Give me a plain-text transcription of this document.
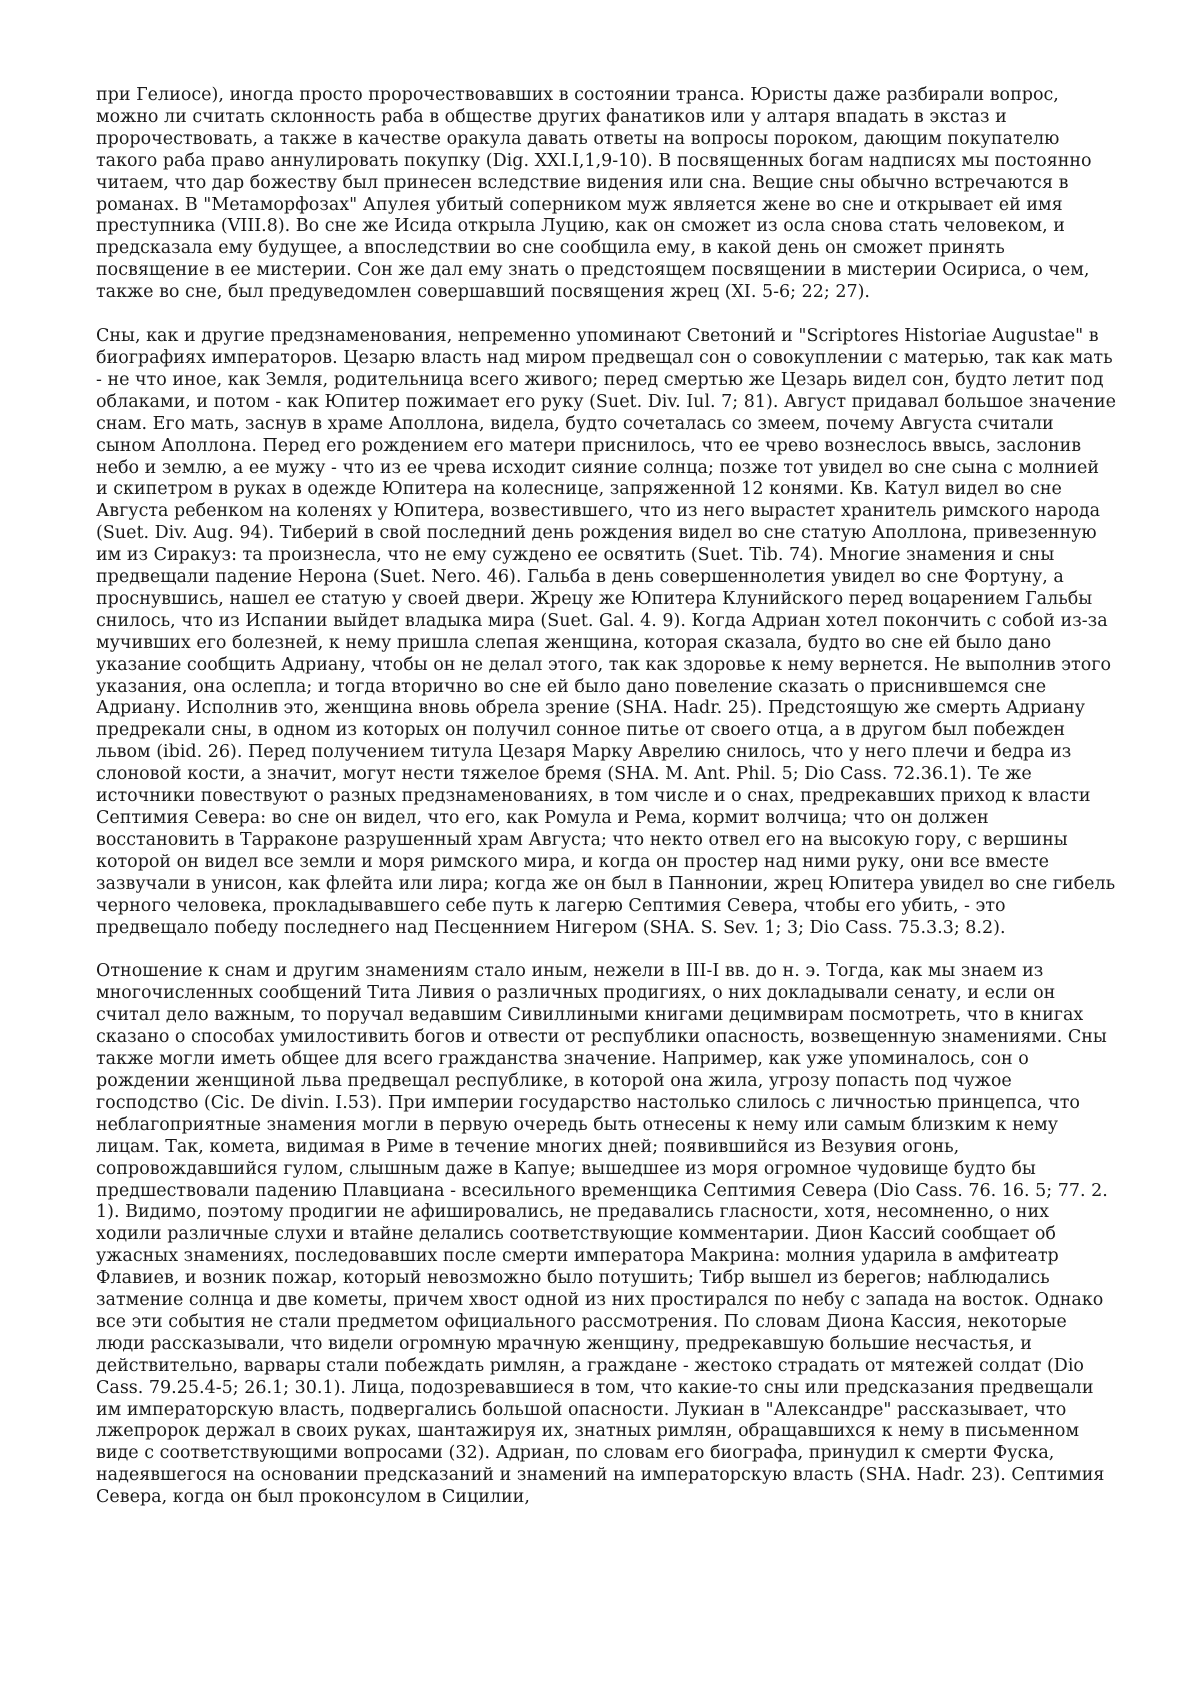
при Гелиосе), иногда просто пророчествовавших в состоянии транса. Юристы даже разбирали вопрос, можно ли считать склонность раба в обществе других фанатиков или у алтаря впадать в экстаз и пророчествовать, а также в качестве оракула давать ответы на вопросы пороком, дающим покупателю такого раба право аннулировать покупку (Dig. XXI.I,1,9-10). В посвященных богам надписях мы постоянно читаем, что дар божеству был принесен вследствие видения или сна. Вещие сны обычно встречаются в романах. В "Метаморфозах" Апулея убитый соперником муж является жене во сне и открывает ей имя преступника (VIII.8). Во сне же Исида открыла Луцию, как он сможет из осла снова стать человеком, и предсказала ему будущее, а впоследствии во сне сообщила ему, в какой день он сможет принять посвящение в ее мистерии. Сон же дал ему знать о предстоящем посвящении в мистерии Осириса, о чем, также во сне, был предуведомлен совершавший посвящения жрец (XI. 5-6; 22; 27).

Сны, как и другие предзнаменования, непременно упоминают Светоний и "Scriptores Historiae Augustae" в биографиях императоров. Цезарю власть над миром предвещал сон о совокуплении с матерью, так как мать - не что иное, как Земля, родительница всего живого; перед смертью же Цезарь видел сон, будто летит под облаками, и потом - как Юпитер пожимает его руку (Suet. Div. Iul. 7; 81). Август придавал большое значение снам. Его мать, заснув в храме Аполлона, видела, будто сочеталась со змеем, почему Августа считали сыном Аполлона. Перед его рождением его матери приснилось, что ее чрево вознеслось ввысь, заслонив небо и землю, а ее мужу - что из ее чрева исходит сияние солнца; позже тот увидел во сне сына с молнией и скипетром в руках в одежде Юпитера на колеснице, запряженной 12 конями. Кв. Катул видел во сне Августа ребенком на коленях у Юпитера, возвестившего, что из него вырастет хранитель римского народа (Suet. Div. Aug. 94). Тиберий в свой последний день рождения видел во сне статую Аполлона, привезенную им из Сиракуз: та произнесла, что не ему суждено ее освятить (Suet. Tib. 74). Многие знамения и сны предвещали падение Нерона (Suet. Nero. 46). Гальба в день совершеннолетия увидел во сне Фортуну, а проснувшись, нашел ее статую у своей двери. Жрецу же Юпитера Клунийского перед воцарением Гальбы снилось, что из Испании выйдет владыка мира (Suet. Gal. 4. 9). Когда Адриан хотел покончить с собой из-за мучивших его болезней, к нему пришла слепая женщина, которая сказала, будто во сне ей было дано указание сообщить Адриану, чтобы он не делал этого, так как здоровье к нему вернется. Не выполнив этого указания, она ослепла; и тогда вторично во сне ей было дано повеление сказать о приснившемся сне Адриану. Исполнив это, женщина вновь обрела зрение (SHA. Hadr. 25). Предстоящую же смерть Адриану предрекали сны, в одном из которых он получил сонное питье от своего отца, а в другом был побежден львом (ibid. 26). Перед получением титула Цезаря Марку Аврелию снилось, что у него плечи и бедра из слоновой кости, а значит, могут нести тяжелое бремя (SHA. M. Ant. Phil. 5; Dio Cass. 72.36.1). Те же источники повествуют о разных предзнаменованиях, в том числе и о снах, предрекавших приход к власти Септимия Севера: во сне он видел, что его, как Ромула и Рема, кормит волчица; что он должен восстановить в Тарраконе разрушенный храм Августа; что некто отвел его на высокую гору, с вершины которой он видел все земли и моря римского мира, и когда он простер над ними руку, они все вместе зазвучали в унисон, как флейта или лира; когда же он был в Паннонии, жрец Юпитера увидел во сне гибель черного человека, прокладывавшего себе путь к лагерю Септимия Севера, чтобы его убить, - это предвещало победу последнего над Песценнием Нигером (SHA. S. Sev. 1; 3; Dio Cass. 75.3.3; 8.2).

Отношение к снам и другим знамениям стало иным, нежели в III-I вв. до н. э. Тогда, как мы знаем из многочисленных сообщений Тита Ливия о различных продигиях, о них докладывали сенату, и если он считал дело важным, то поручал ведавшим Сивиллиными книгами децимвирам посмотреть, что в книгах сказано о способах умилостивить богов и отвести от республики опасность, возвещенную знамениями. Сны также могли иметь общее для всего гражданства значение. Например, как уже упоминалось, сон о рождении женщиной льва предвещал республике, в которой она жила, угрозу попасть под чужое господство (Cic. De divin. I.53). При империи государство настолько слилось с личностью принцепса, что неблагоприятные знамения могли в первую очередь быть отнесены к нему или самым близким к нему лицам. Так, комета, видимая в Риме в течение многих дней; появившийся из Везувия огонь, сопровождавшийся гулом, слышным даже в Капуе; вышедшее из моря огромное чудовище будто бы предшествовали падению Плавциана - всесильного временщика Септимия Севера (Dio Cass. 76. 16. 5; 77. 2. 1). Видимо, поэтому продигии не афишировались, не предавались гласности, хотя, несомненно, о них ходили различные слухи и втайне делались соответствующие комментарии. Дион Кассий сообщает об ужасных знамениях, последовавших после смерти императора Макрина: молния ударила в амфитеатр Флавиев, и возник пожар, который невозможно было потушить; Тибр вышел из берегов; наблюдались затмение солнца и две кометы, причем хвост одной из них простирался по небу с запада на восток. Однако все эти события не стали предметом официального рассмотрения. По словам Диона Кассия, некоторые люди рассказывали, что видели огромную мрачную женщину, предрекавшую большие несчастья, и действительно, варвары стали побеждать римлян, а граждане - жестоко страдать от мятежей солдат (Dio Cass. 79.25.4-5; 26.1; 30.1). Лица, подозревавшиеся в том, что какие-то сны или предсказания предвещали им императорскую власть, подвергались большой опасности. Лукиан в "Александре" рассказывает, что лжепророк держал в своих руках, шантажируя их, знатных римлян, обращавшихся к нему в письменном виде с соответствующими вопросами (32). Адриан, по словам его биографа, принудил к смерти Фуска, надеявшегося на основании предсказаний и знамений на императорскую власть (SHA. Hadr. 23). Септимия Севера, когда он был проконсулом в Сицилии,
